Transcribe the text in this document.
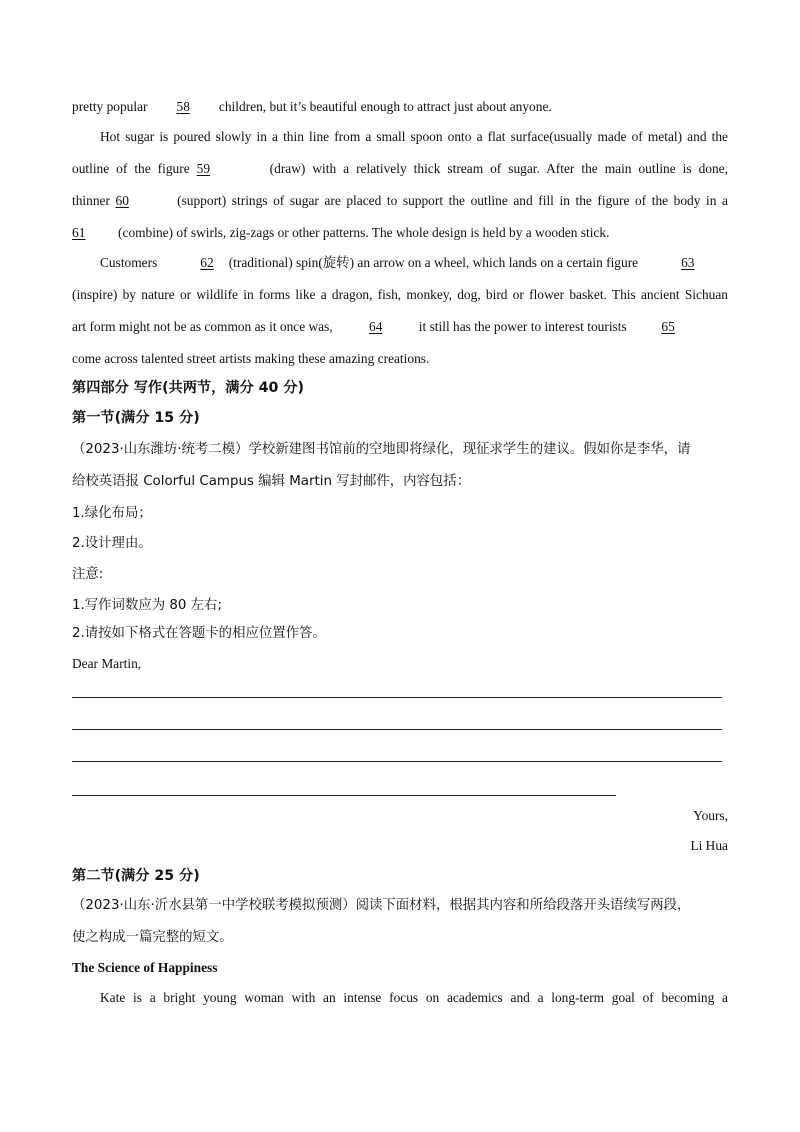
pretty popular 58 children, but it’s beautiful enough to attract just about anyone.
Hot sugar is poured slowly in a thin line from a small spoon onto a flat surface(usually made of metal) and the
outline of the figure 59	(draw) with a relatively thick stream of sugar. After the main outline is done,
thinner 60	(support) strings of sugar are placed to support the outline and fill in the figure of the body in a
61 (combine) of swirls, zig-zags or other patterns. The whole design is held by a wooden stick.
Customers	62 (traditional) spin(旋转) an arrow on a wheel, which lands on a certain figure	63
(inspire) by nature or wildlife in forms like a dragon, fish, monkey, dog, bird or flower basket. This ancient Sichuan
art form might not be as common as it once was,	64	it still has the power to interest tourists	65
come across talented street artists making these amazing creations.
第四部分 写作(共两节，满分 40 分)
第一节(满分 15 分)
（2023·山东潍坊·统考二模）学校新建图书馆前的空地即将绿化，现征求学生的建议。假如你是李华，请
给校英语报 Colorful Campus 编辑 Martin 写封邮件，内容包括：
1.绿化布局；
2.设计理由。
注意:
1.写作词数应为 80 左右;
2.请按如下格式在答题卡的相应位置作答。
Dear Martin,
Yours,
Li Hua
第二节(满分 25 分)
（2023·山东·沂水县第一中学校联考模拟预测）阅读下面材料，根据其内容和所给段落开头语续写两段，
使之构成一篇完整的短文。
The Science of Happiness
Kate is a bright young woman with an intense focus on academics and a long-term goal of becoming a
